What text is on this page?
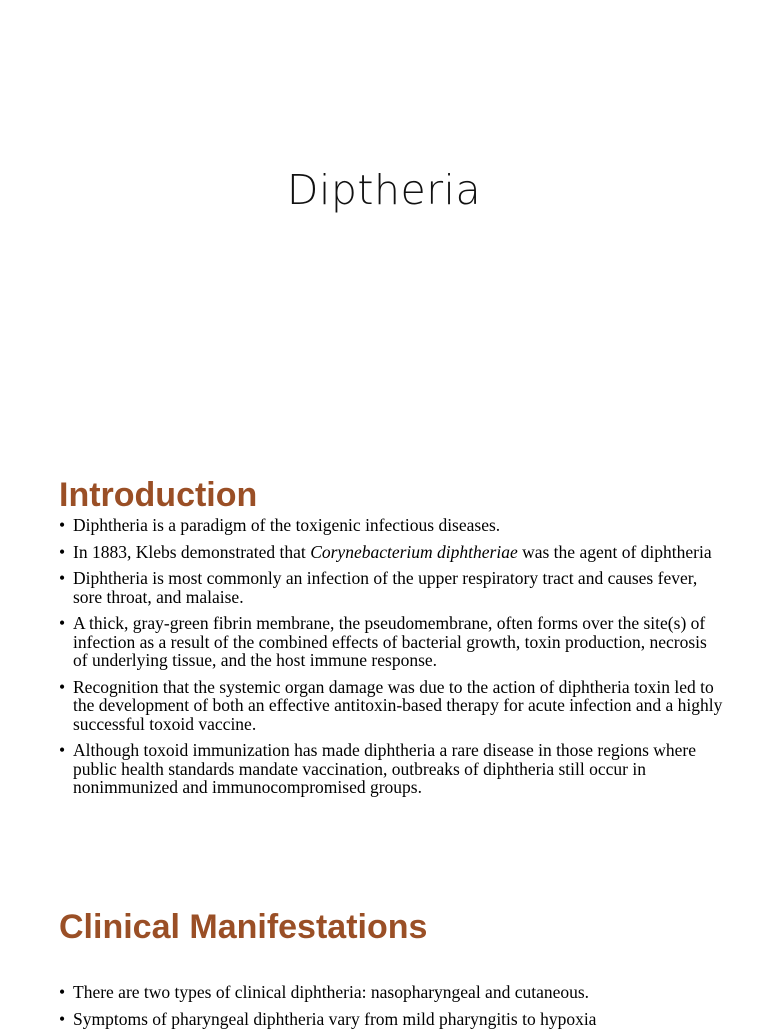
Diptheria
Introduction
• Diphtheria is a paradigm of the toxigenic infectious diseases.
• In 1883, Klebs demonstrated that Corynebacterium diphtheriae was the agent of diphtheria
• Diphtheria is most commonly an infection of the upper respiratory tract and causes fever, sore throat, and malaise.
• A thick, gray-green fibrin membrane, the pseudomembrane, often forms over the site(s) of infection as a result of the combined effects of bacterial growth, toxin production, necrosis of underlying tissue, and the host immune response.
• Recognition that the systemic organ damage was due to the action of diphtheria toxin led to the development of both an effective antitoxin-based therapy for acute infection and a highly successful toxoid vaccine.
• Although toxoid immunization has made diphtheria a rare disease in those regions where public health standards mandate vaccination, outbreaks of diphtheria still occur in nonimmunized and immunocompromised groups.
Clinical Manifestations
• There are two types of clinical diphtheria: nasopharyngeal and cutaneous.
• Symptoms of pharyngeal diphtheria vary from mild pharyngitis to hypoxia
